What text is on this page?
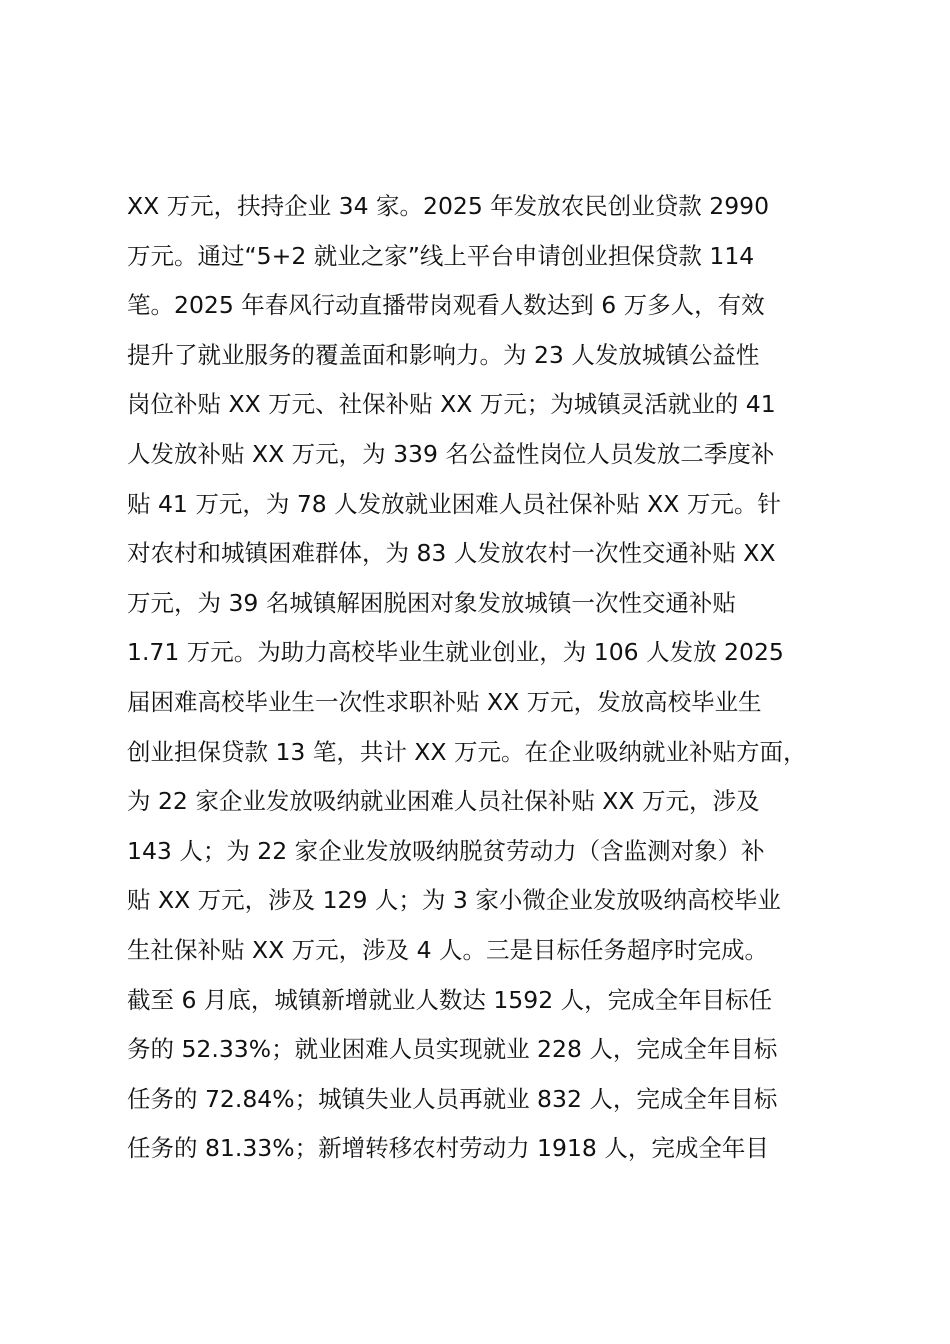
XX 万元，扶持企业 34 家。2025 年发放农民创业贷款 2990
万元。通过“5+2 就业之家”线上平台申请创业担保贷款 114
笔。2025 年春风行动直播带岗观看人数达到 6 万多人，有效
提升了就业服务的覆盖面和影响力。为 23 人发放城镇公益性
岗位补贴 XX 万元、社保补贴 XX 万元；为城镇灵活就业的 41
人发放补贴 XX 万元，为 339 名公益性岗位人员发放二季度补
贴 41 万元，为 78 人发放就业困难人员社保补贴 XX 万元。针
对农村和城镇困难群体，为 83 人发放农村一次性交通补贴 XX
万元，为 39 名城镇解困脱困对象发放城镇一次性交通补贴
1.71 万元。为助力高校毕业生就业创业，为 106 人发放 2025
届困难高校毕业生一次性求职补贴 XX 万元，发放高校毕业生
创业担保贷款 13 笔，共计 XX 万元。在企业吸纳就业补贴方面，
为 22 家企业发放吸纳就业困难人员社保补贴 XX 万元，涉及
143 人；为 22 家企业发放吸纳脱贫劳动力（含监测对象）补
贴 XX 万元，涉及 129 人；为 3 家小微企业发放吸纳高校毕业
生社保补贴 XX 万元，涉及 4 人。三是目标任务超序时完成。
截至 6 月底，城镇新增就业人数达 1592 人，完成全年目标任
务的 52.33%；就业困难人员实现就业 228 人，完成全年目标
任务的 72.84%；城镇失业人员再就业 832 人，完成全年目标
任务的 81.33%；新增转移农村劳动力 1918 人，完成全年目
